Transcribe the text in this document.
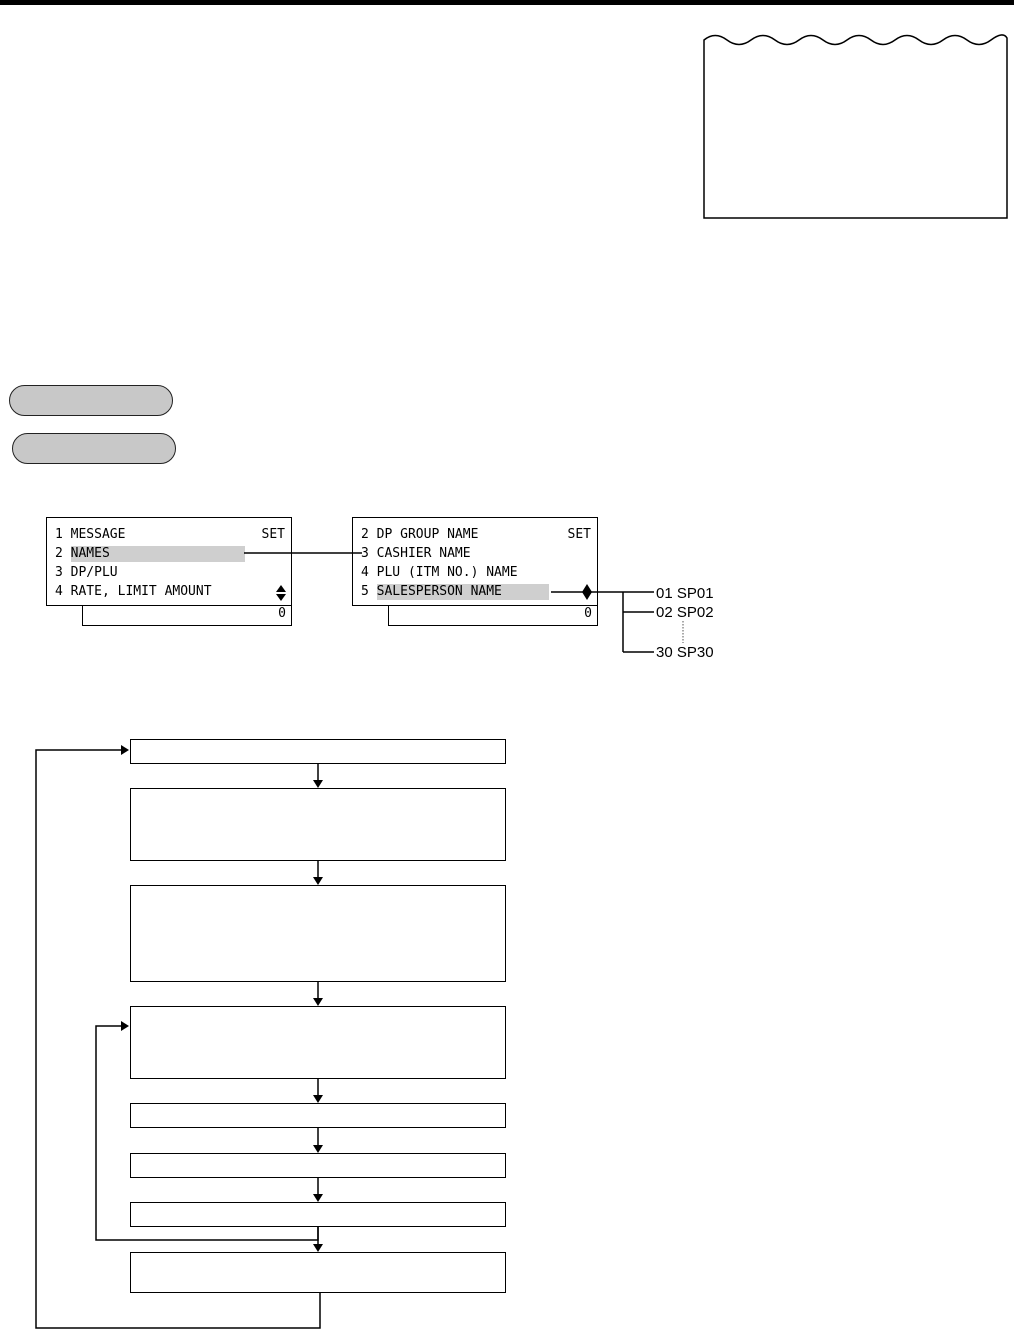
1 MESSAGE	SET
2 NAMES
3 DP/PLU
4 RATE, LIMIT AMOUNT
0
2 DP GROUP NAME	SET
3 CASHIER NAME
4 PLU (ITM NO.) NAME
5 SALESPERSON NAME
0
01 SP01
02 SP02
30 SP30
